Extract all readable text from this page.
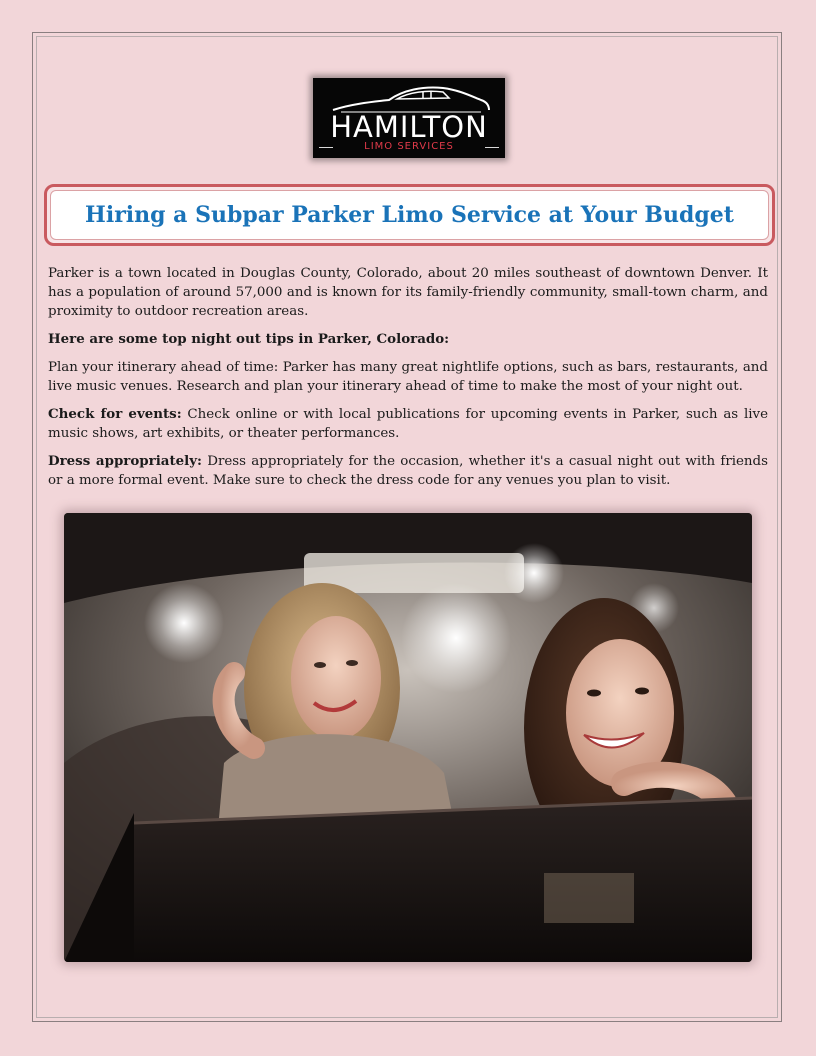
HAMILTON
LIMO SERVICES
Hiring a Subpar Parker Limo Service at Your Budget

Parker is a town located in Douglas County, Colorado, about 20 miles southeast of downtown Denver. It has a population of around 57,000 and is known for its family-friendly community, small-town charm, and proximity to outdoor recreation areas.

Here are some top night out tips in Parker, Colorado:

Plan your itinerary ahead of time: Parker has many great nightlife options, such as bars, restaurants, and live music venues. Research and plan your itinerary ahead of time to make the most of your night out.

Check for events: Check online or with local publications for upcoming events in Parker, such as live music shows, art exhibits, or theater performances.

Dress appropriately: Dress appropriately for the occasion, whether it's a casual night out with friends or a more formal event. Make sure to check the dress code for any venues you plan to visit.
